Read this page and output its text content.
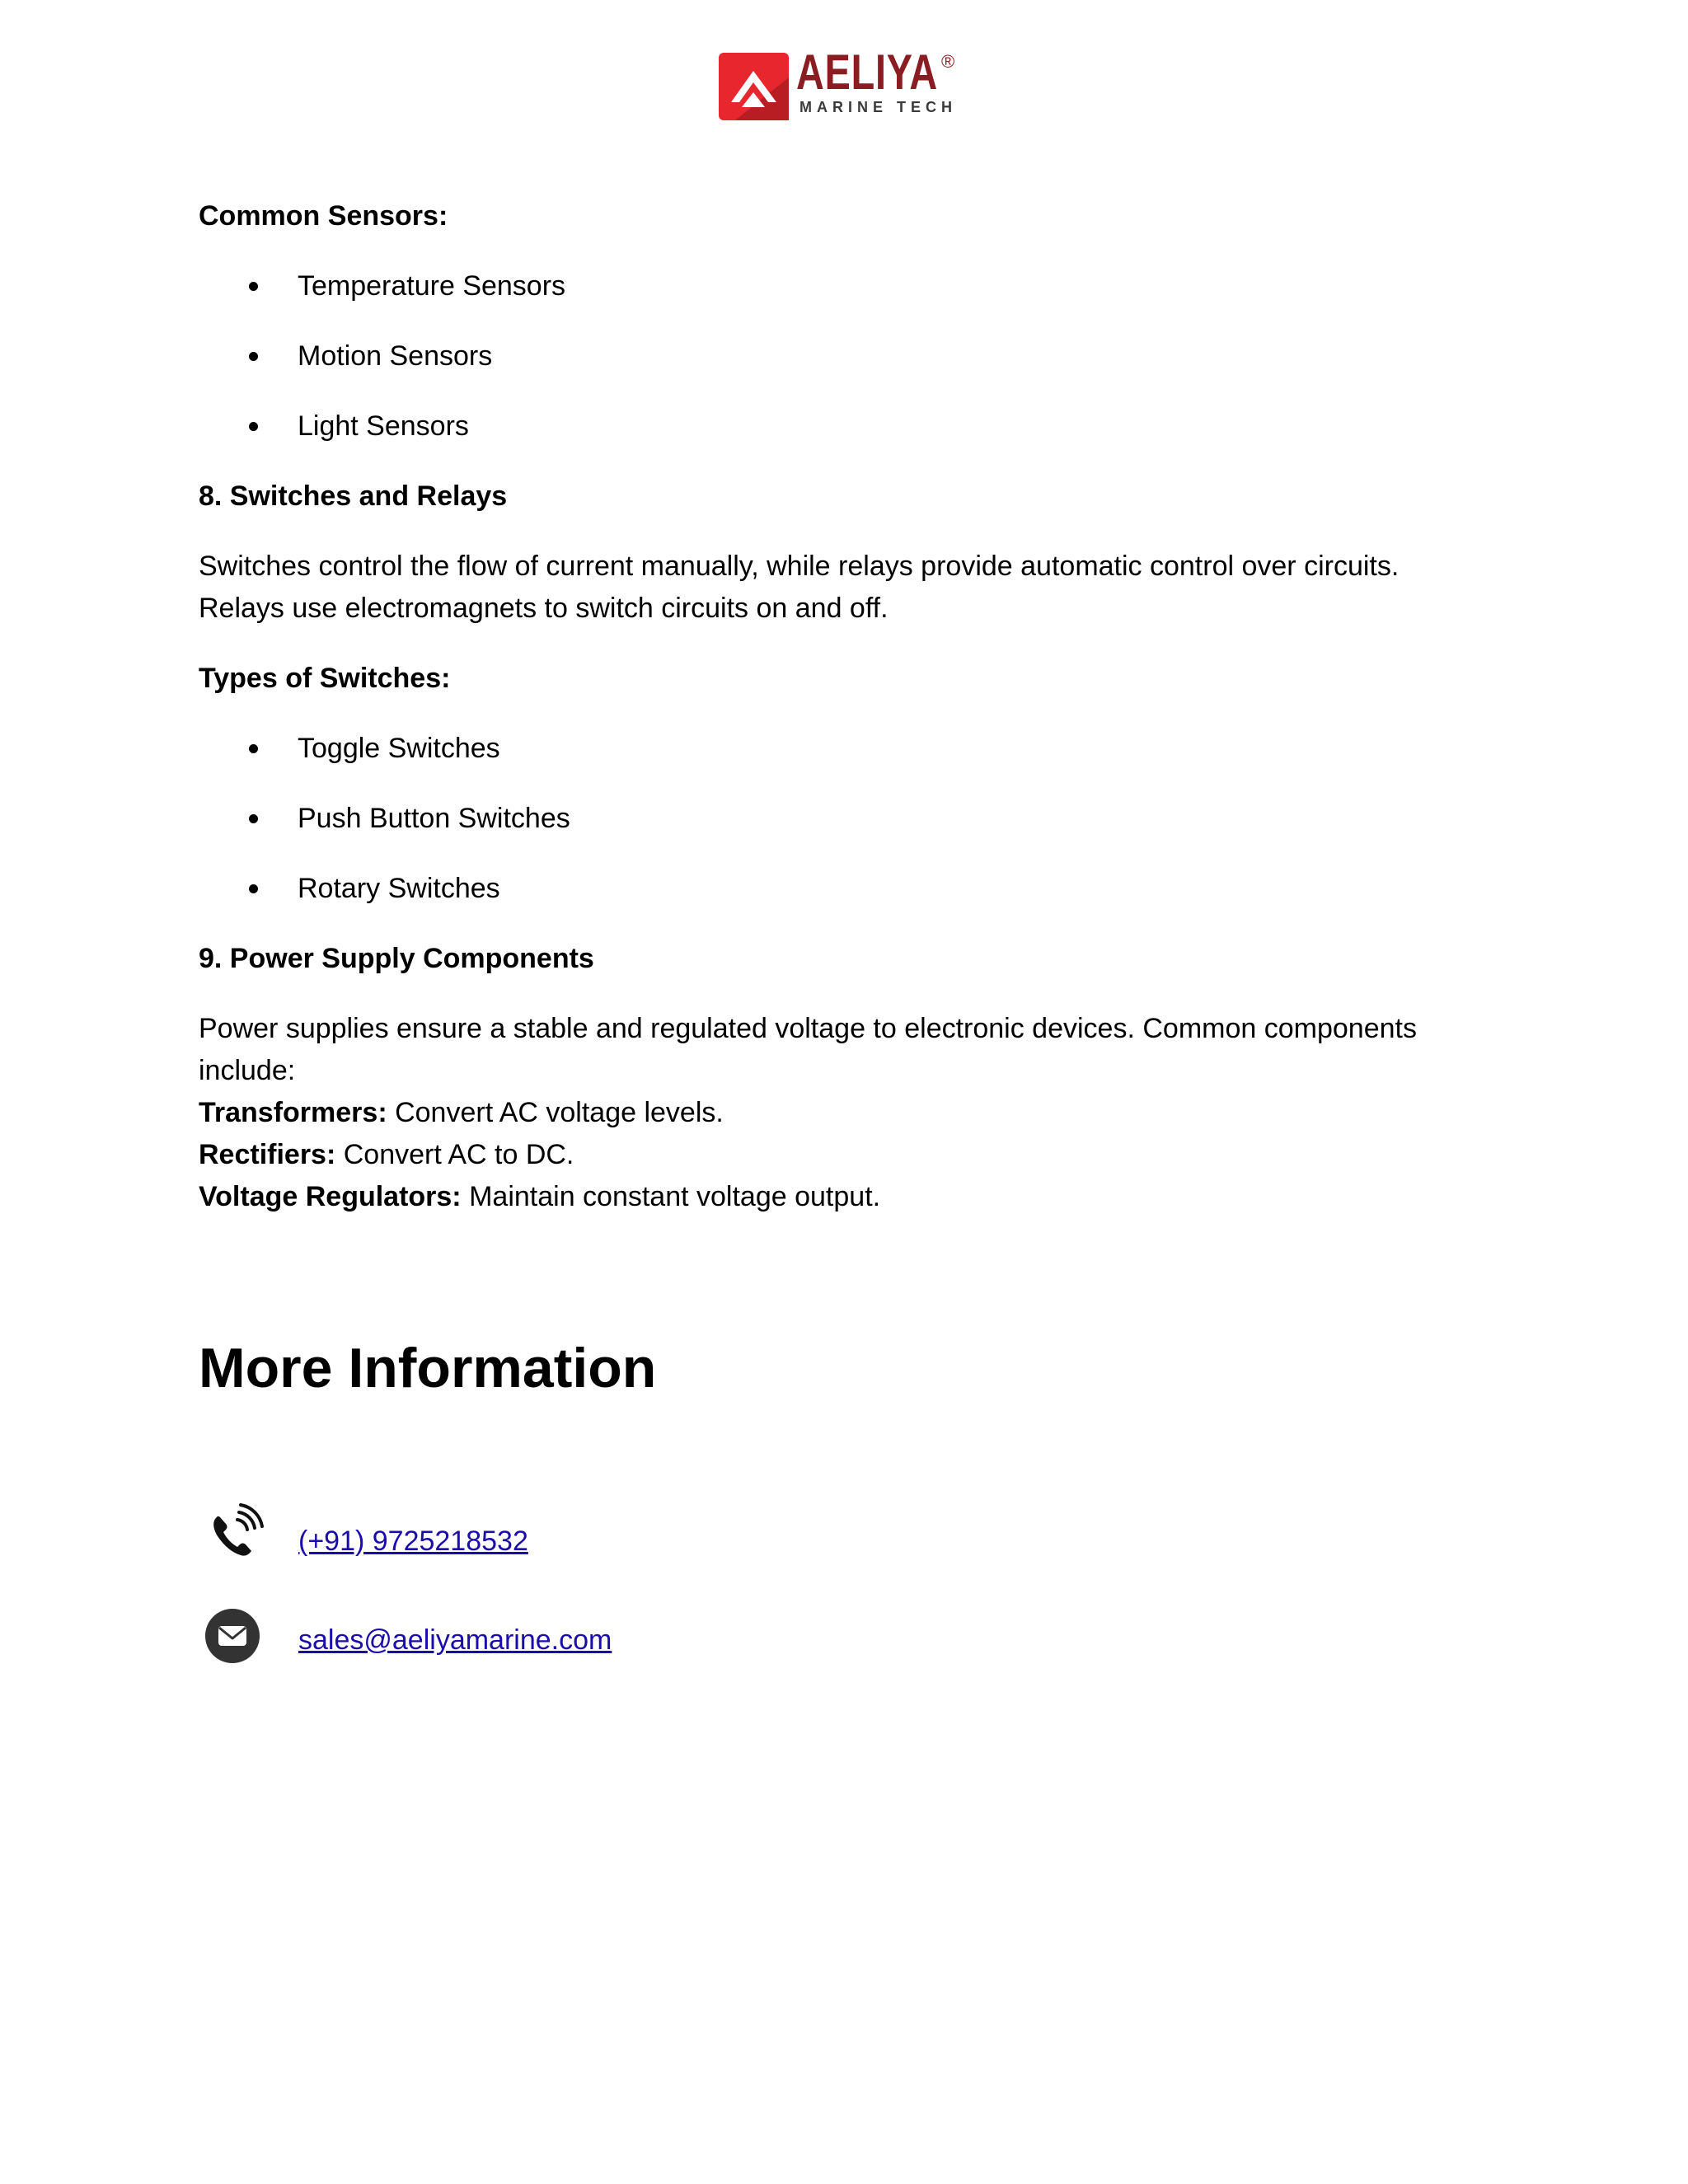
AELIYA ®
MARINE TECH
Common Sensors:
Temperature Sensors
Motion Sensors
Light Sensors
8. Switches and Relays
Switches control the flow of current manually, while relays provide automatic control over circuits.
Relays use electromagnets to switch circuits on and off.
Types of Switches:
Toggle Switches
Push Button Switches
Rotary Switches
9. Power Supply Components
Power supplies ensure a stable and regulated voltage to electronic devices. Common components
include:
Transformers: Convert AC voltage levels.
Rectifiers: Convert AC to DC.
Voltage Regulators: Maintain constant voltage output.
More Information
(+91) 9725218532
sales@aeliyamarine.com
